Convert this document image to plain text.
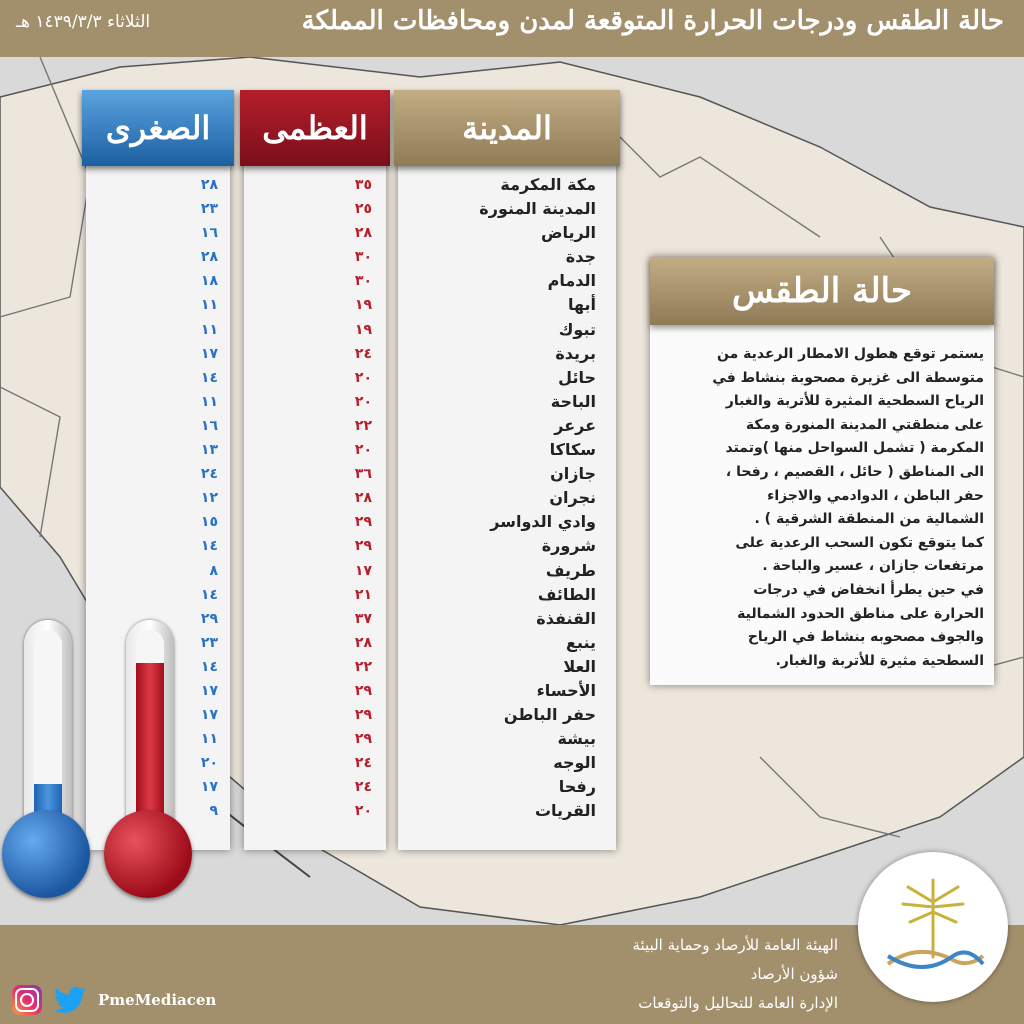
حالة الطقس ودرجات الحرارة المتوقعة لمدن ومحافظات المملكة
الثلاثاء ١٤٣٩/٣/٣ هـ
الصغرى
٢٨
٢٣
١٦
٢٨
١٨
١١
١١
١٧
١٤
١١
١٦
١٣
٢٤
١٢
١٥
١٤
٨
١٤
٢٩
٢٣
١٤
١٧
١٧
١١
٢٠
١٧
٩
العظمى
٣٥
٢٥
٢٨
٣٠
٣٠
١٩
١٩
٢٤
٢٠
٢٠
٢٢
٢٠
٣٦
٢٨
٢٩
٢٩
١٧
٢١
٣٧
٢٨
٢٢
٢٩
٢٩
٢٩
٢٤
٢٤
٢٠
المدينة
مكة المكرمة
المدينة المنورة
الرياض
جدة
الدمام
أبها
تبوك
بريدة
حائل
الباحة
عرعر
سكاكا
جازان
نجران
وادي الدواسر
شرورة
طريف
الطائف
القنفذة
ينبع
العلا
الأحساء
حفر الباطن
بيشة
الوجه
رفحا
القريات
حالة الطقس
يستمر توقع هطول الامطار الرعدية من
متوسطة الى غزيرة مصحوبة بنشاط في
الرياح السطحية المثيرة للأتربة والغبار
على منطقتي المدينة المنورة ومكة
المكرمة ( تشمل السواحل منها )وتمتد
الى المناطق ( حائل ، القصيم ، رفحا ،
حفر الباطن ، الدوادمي والاجزاء
الشمالية من المنطقة الشرقية ) .
كما يتوقع تكون السحب الرعدية على
مرتفعات جازان ، عسير والباحة .
في حين يطرأ انخفاض في درجات
الحرارة على مناطق الحدود الشمالية
والجوف مصحوبه بنشاط في الرياح
السطحية مثيرة للأتربة والغبار.
الهيئة العامة للأرصاد وحماية البيئة
شؤون الأرصاد
الإدارة العامة للتحاليل والتوقعات
PmeMediacen
